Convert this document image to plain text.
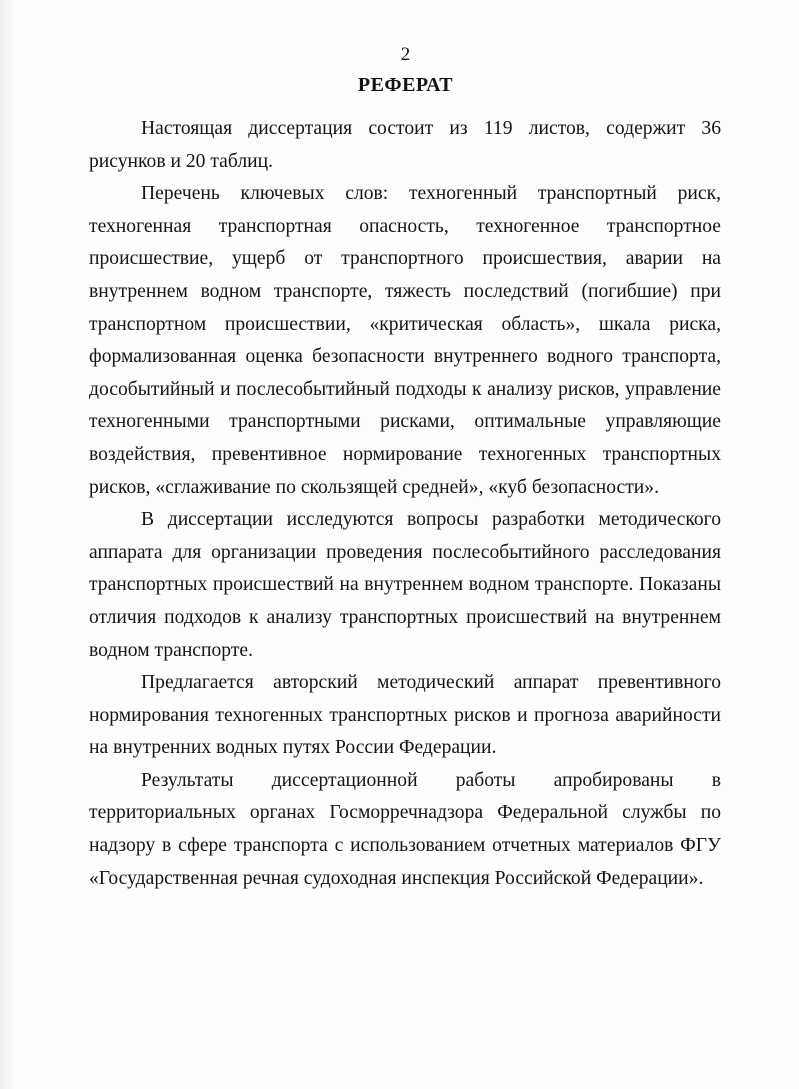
2
РЕФЕРАТ

Настоящая диссертация состоит из 119 листов, содержит 36 рисунков и 20 таблиц.

Перечень ключевых слов: техногенный транспортный риск, техногенная транспортная опасность, техногенное транспортное происшествие, ущерб от транспортного происшествия, аварии на внутреннем водном транспорте, тяжесть последствий (погибшие) при транспортном происшествии, «критическая область», шкала риска, формализованная оценка безопасности внутреннего водного транспорта, дособытийный и послесобытийный подходы к анализу рисков, управление техногенными транспортными рисками, оптимальные управляющие воздействия, превентивное нормирование техногенных транспортных рисков, «сглаживание по скользящей средней», «куб безопасности».

В диссертации исследуются вопросы разработки методического аппарата для организации проведения послесобытийного расследования транспортных происшествий на внутреннем водном транспорте. Показаны отличия подходов к анализу транспортных происшествий на внутреннем водном транспорте.

Предлагается авторский методический аппарат превентивного нормирования техногенных транспортных рисков и прогноза аварийности на внутренних водных путях России Федерации.

Результаты диссертационной работы апробированы в территориальных органах Госморречнадзора Федеральной службы по надзору в сфере транспорта с использованием отчетных материалов ФГУ «Государственная речная судоходная инспекция Российской Федерации».
